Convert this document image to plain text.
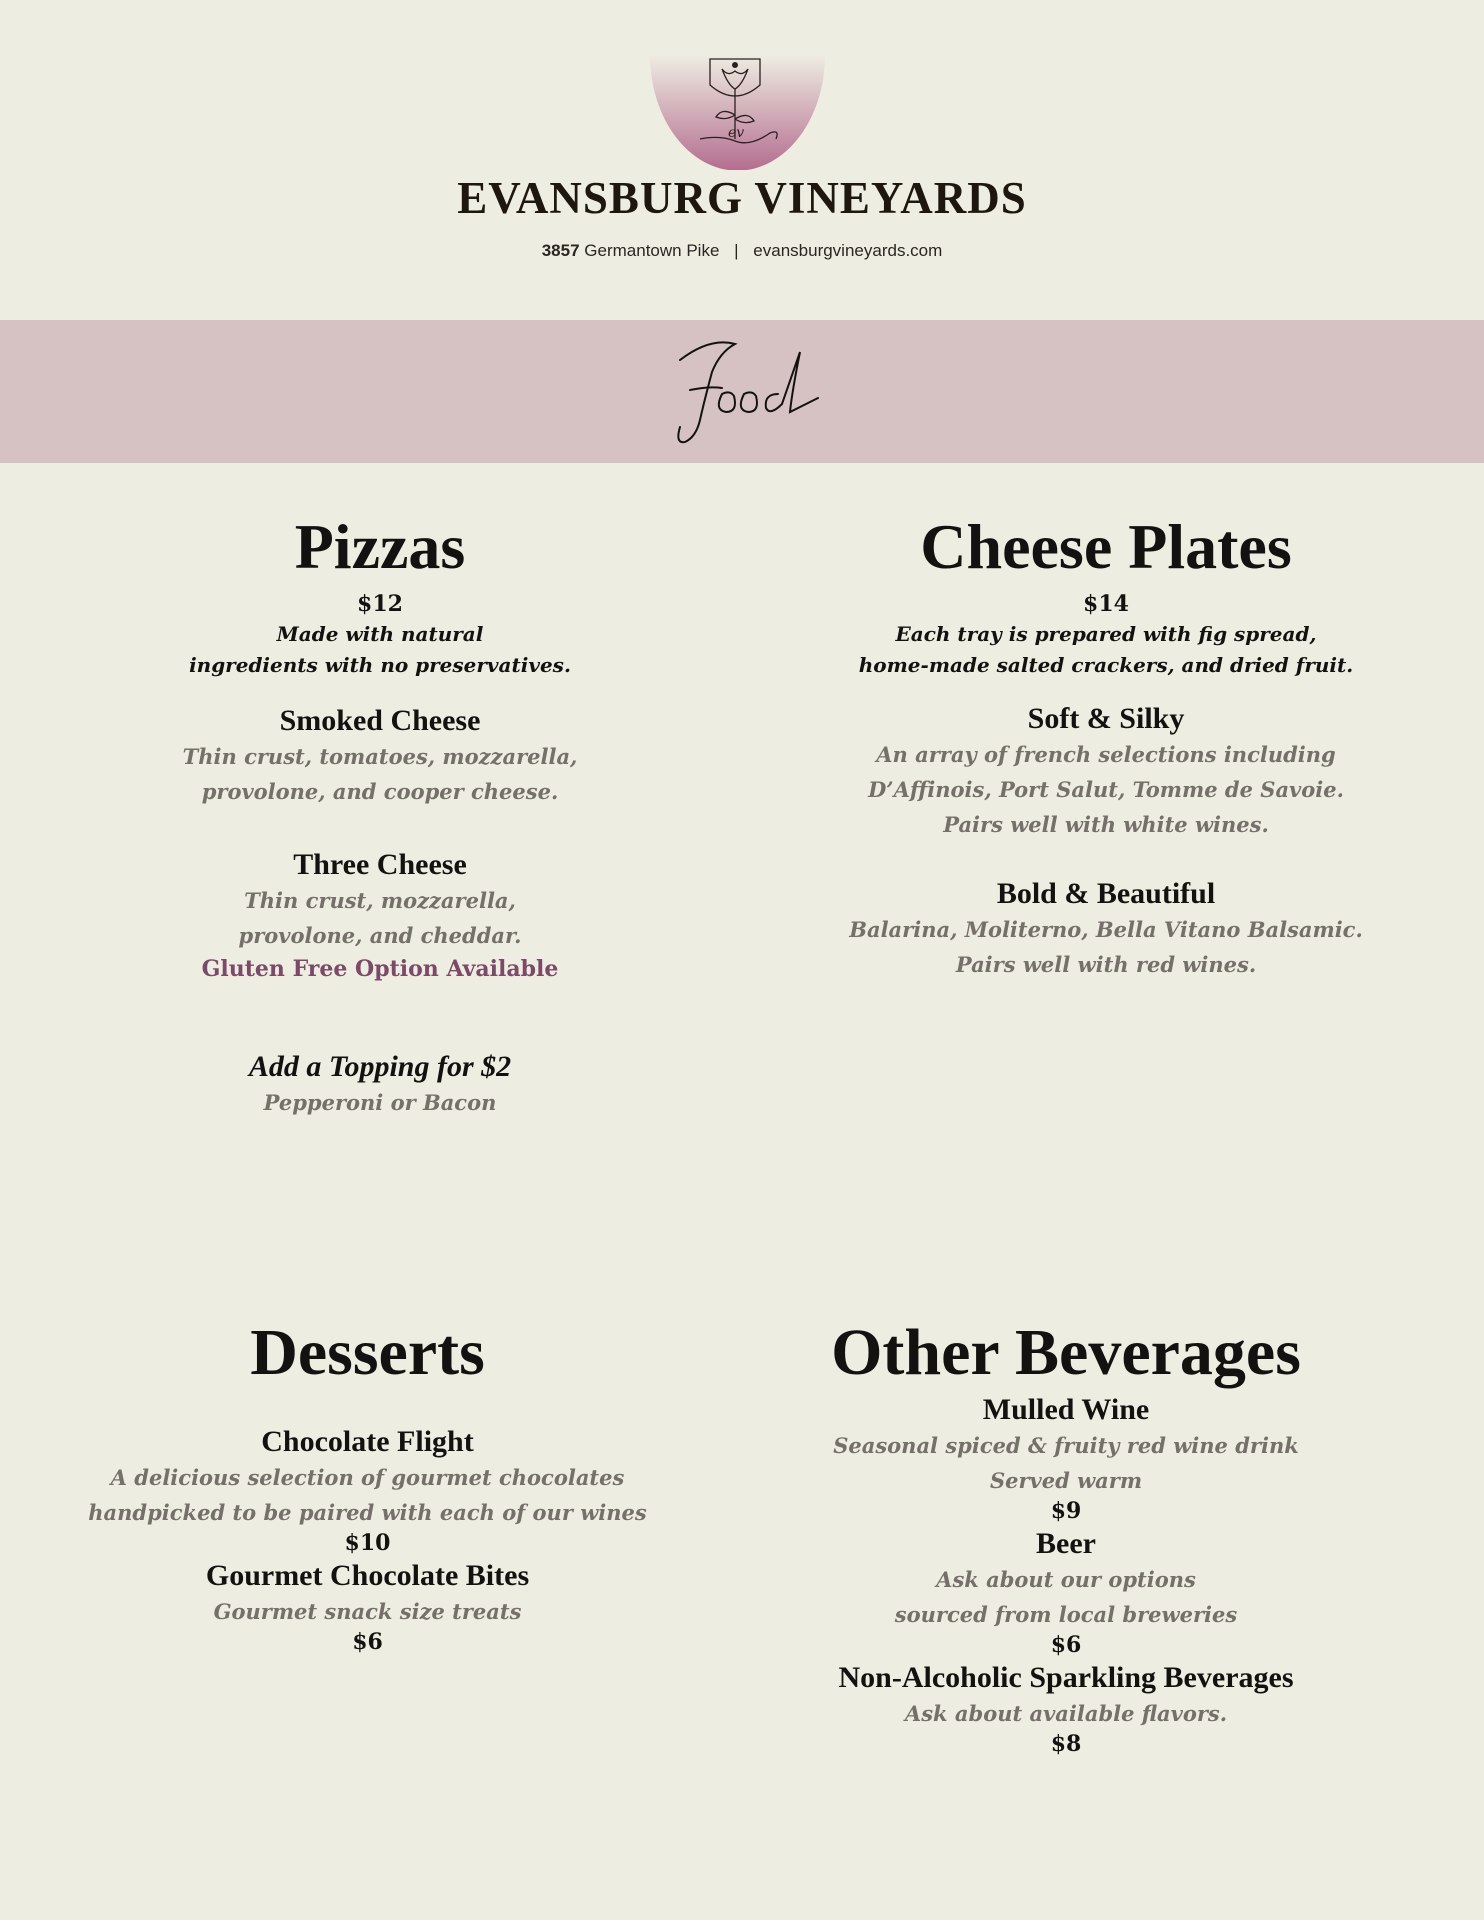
ev
EVANSBURG VINEYARDS
3857 Germantown Pike | evansburgvineyards.com
Pizzas
$12
Made with natural
ingredients with no preservatives.
Smoked Cheese
Thin crust, tomatoes, mozzarella,
provolone, and cooper cheese.
Three Cheese
Thin crust, mozzarella,
provolone, and cheddar.
Gluten Free Option Available
Add a Topping for $2
Pepperoni or Bacon
Cheese Plates
$14
Each tray is prepared with fig spread,
home-made salted crackers, and dried fruit.
Soft & Silky
An array of french selections including
D’Affinois, Port Salut, Tomme de Savoie.
Pairs well with white wines.
Bold & Beautiful
Balarina, Moliterno, Bella Vitano Balsamic.
Pairs well with red wines.
Desserts
Chocolate Flight
A delicious selection of gourmet chocolates
handpicked to be paired with each of our wines
$10
Gourmet Chocolate Bites
Gourmet snack size treats
$6
Other Beverages
Mulled Wine
Seasonal spiced & fruity red wine drink
Served warm
$9
Beer
Ask about our options
sourced from local breweries
$6
Non-Alcoholic Sparkling Beverages
Ask about available flavors.
$8
